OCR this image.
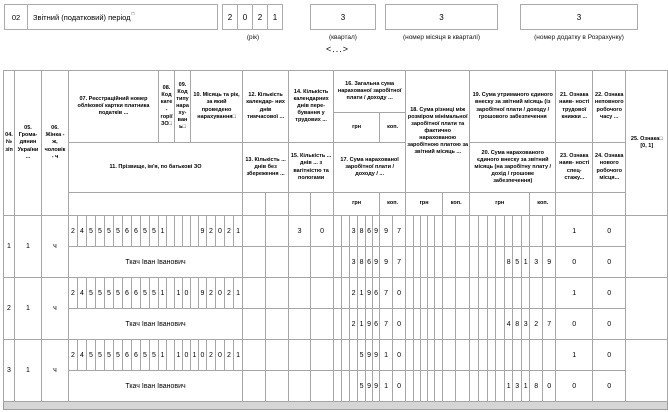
02	Звітний (податковий) період □	2	0	2	1	3	3	3
(рік)	(квартал)	(номер місяця в кварталі)	(номер додатку в Розрахунку)
<...>
04. № з/п	05. Грома- дянин України ...	06. Жінка - ж, чоловік - ч	07. Реєстраційний номер облікової картки платника податків ...										08. Код кате- горії ЗО□		09. Код типу нараху- вань□		10. Місяць та рік, за який проведено нарахування□						12. Кількість календар- них днів тимчасової ...		14. Кількість календарних днів пере- бування у трудових ...		16. Загальна сума нарахованої заробітної плати / доходу ...								18. Сума різниці між розміром мінімальної заробітної плати та фактично нарахованою заробітною платою за звітний місяць ...							19. Сума утриманого єдиного внеску за звітний місяць (із заробітної плати / доходу / грошового забезпечення									21. Ознака наяв- ності трудової книжки ...	22. Ознака неповного робочого часу ...	25. Ознака□ [0, 1]
																											грн						коп.																				
			11. Прізвище, ім'я, по батькові ЗО																				13. Кількість ... днів без збереження ...		15. Кількість ... днів ... з вагітністю та пологами		17. Сума нарахованої заробітної плати / доходу / ...															20. Сума нарахованого єдиного внеску за звітний місяць (на заробітну плату / дохід / грошове забезпечення)									23. Ознака наяв- ності спец- стажу...	24. Ознака нового робочого місця...	
																											грн						коп.		грн					коп.		грн							коп.				
1	1	ч	2	4	5	5	5	5	6	6	5	5	1					9	2	0	2	1			3	0			3	8	6	9	9	7																	1	0	
			Ткач Іван Іванович																										3	8	6	9	9	7												8	5	1	3	9	0	0	
2	1	ч	2	4	5	5	5	5	6	6	5	5	1		1	0		9	2	0	2	1							2	1	9	6	7	0																	1	0	
			Ткач Іван Іванович																										2	1	9	6	7	0												4	8	3	2	7	0	0	
3	1	ч	2	4	5	5	5	5	6	6	5	5	1		1	0	1	0	2	0	2	1								5	9	9	1	0																	1	0	
			Ткач Іван Іванович																											5	9	9	1	0												1	3	1	8	0	0	0	
